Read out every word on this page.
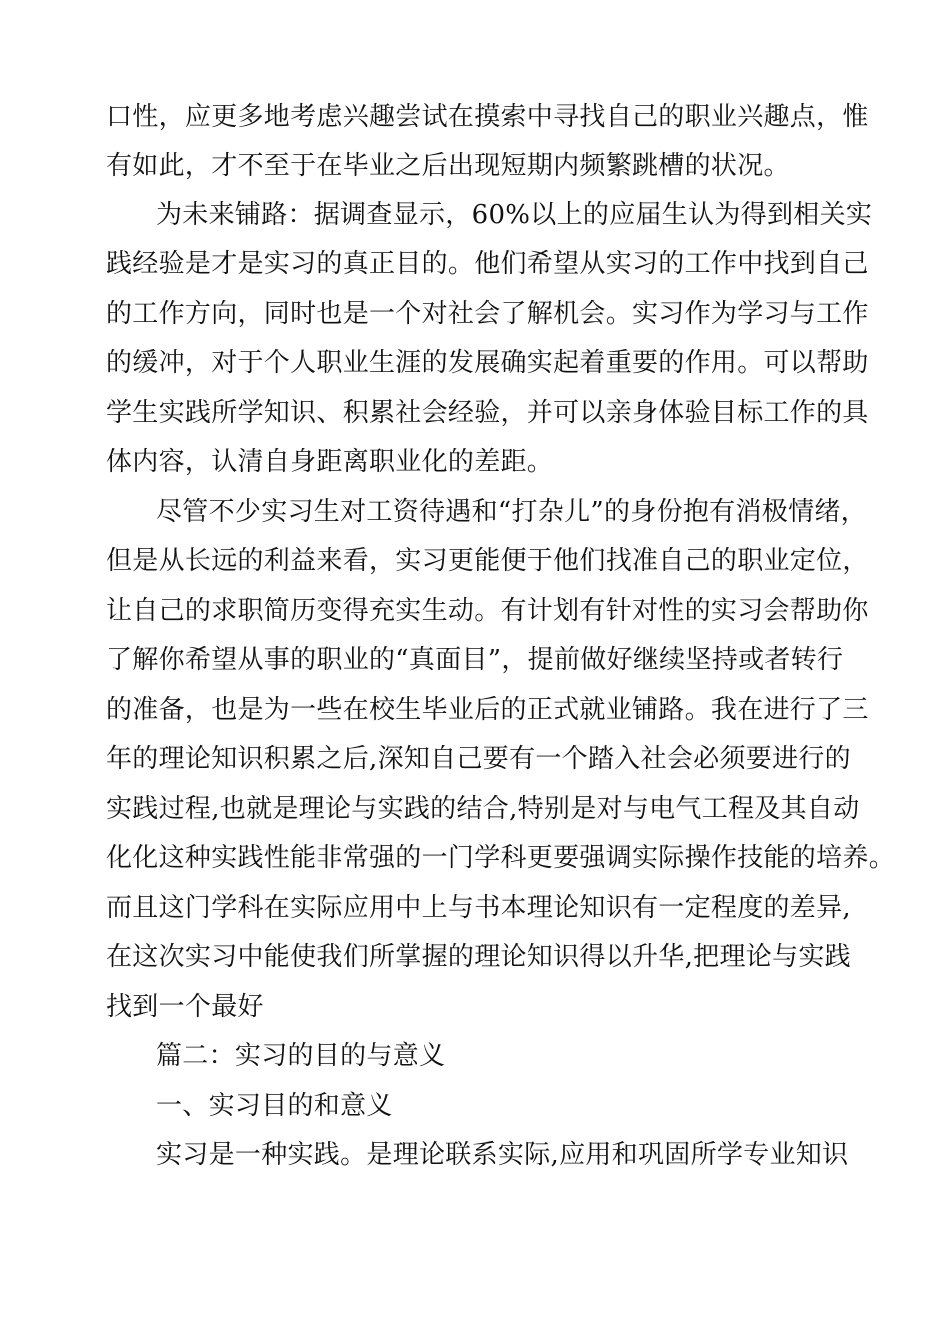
口性，应更多地考虑兴趣尝试在摸索中寻找自己的职业兴趣点，惟
有如此，才不至于在毕业之后出现短期内频繁跳槽的状况。
为未来铺路：据调查显示，60%以上的应届生认为得到相关实
践经验是才是实习的真正目的。他们希望从实习的工作中找到自己
的工作方向，同时也是一个对社会了解机会。实习作为学习与工作
的缓冲，对于个人职业生涯的发展确实起着重要的作用。可以帮助
学生实践所学知识、积累社会经验，并可以亲身体验目标工作的具
体内容，认清自身距离职业化的差距。
尽管不少实习生对工资待遇和“打杂儿”的身份抱有消极情绪，
但是从长远的利益来看，实习更能便于他们找准自己的职业定位，
让自己的求职简历变得充实生动。有计划有针对性的实习会帮助你
了解你希望从事的职业的“真面目”，提前做好继续坚持或者转行
的准备，也是为一些在校生毕业后的正式就业铺路。我在进行了三
年的理论知识积累之后,深知自己要有一个踏入社会必须要进行的
实践过程,也就是理论与实践的结合,特别是对与电气工程及其自动
化化这种实践性能非常强的一门学科更要强调实际操作技能的培养。
而且这门学科在实际应用中上与书本理论知识有一定程度的差异,
在这次实习中能使我们所掌握的理论知识得以升华,把理论与实践
找到一个最好
篇二：实习的目的与意义
一、实习目的和意义
实习是一种实践。是理论联系实际,应用和巩固所学专业知识
